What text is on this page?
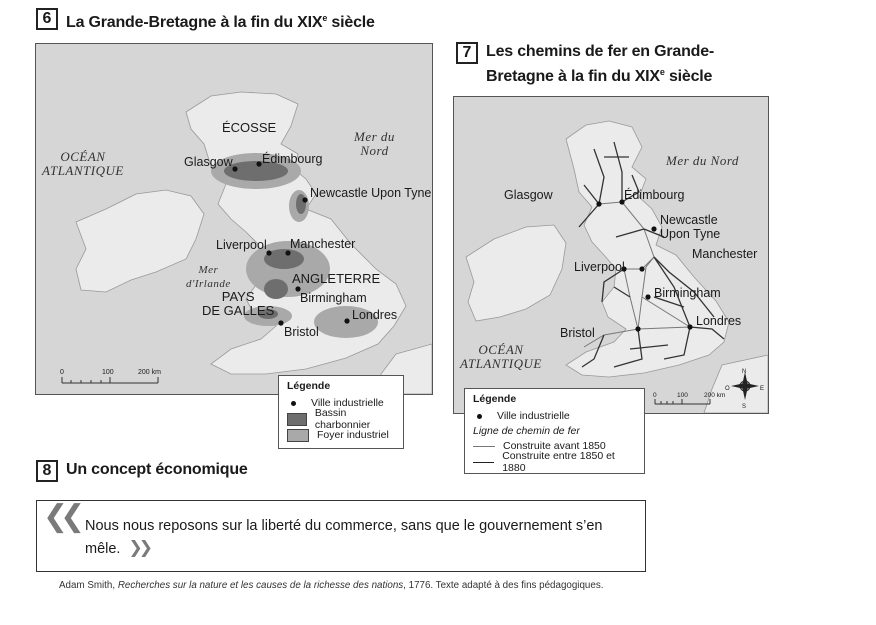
6 La Grande-Bretagne à la fin du XIXe siècle
OCÉAN
ATLANTIQUE
Mer du
Nord
Mer
d'Irlande
ÉCOSSE
ANGLETERRE
PAYS
DE GALLES
Glasgow Édimbourg
Newcastle Upon Tyne
Liverpool Manchester
Birmingham
Bristol
Londres
0	100	200 km
Légende
Ville industrielle
Bassin charbonnier
Foyer industriel
7 Les chemins de fer en Grande-
Bretagne à la fin du XIXe siècle
Mer du Nord
OCÉAN
ATLANTIQUE
Glasgow	Édimbourg
Newcastle
Upon Tyne
Manchester
Liverpool
Birmingham
Bristol
Londres
0	100 200 km
N
S
E
O
Légende
Ville industrielle
Ligne de chemin de fer
Construite avant 1850
Construite entre 1850 et 1880
8 Un concept économique
❮❮ Nous nous reposons sur la liberté du commerce, sans que le gouvernement s’en mêle. ❯❯
Adam Smith, Recherches sur la nature et les causes de la richesse des nations, 1776. Texte adapté à des fins pédagogiques.
